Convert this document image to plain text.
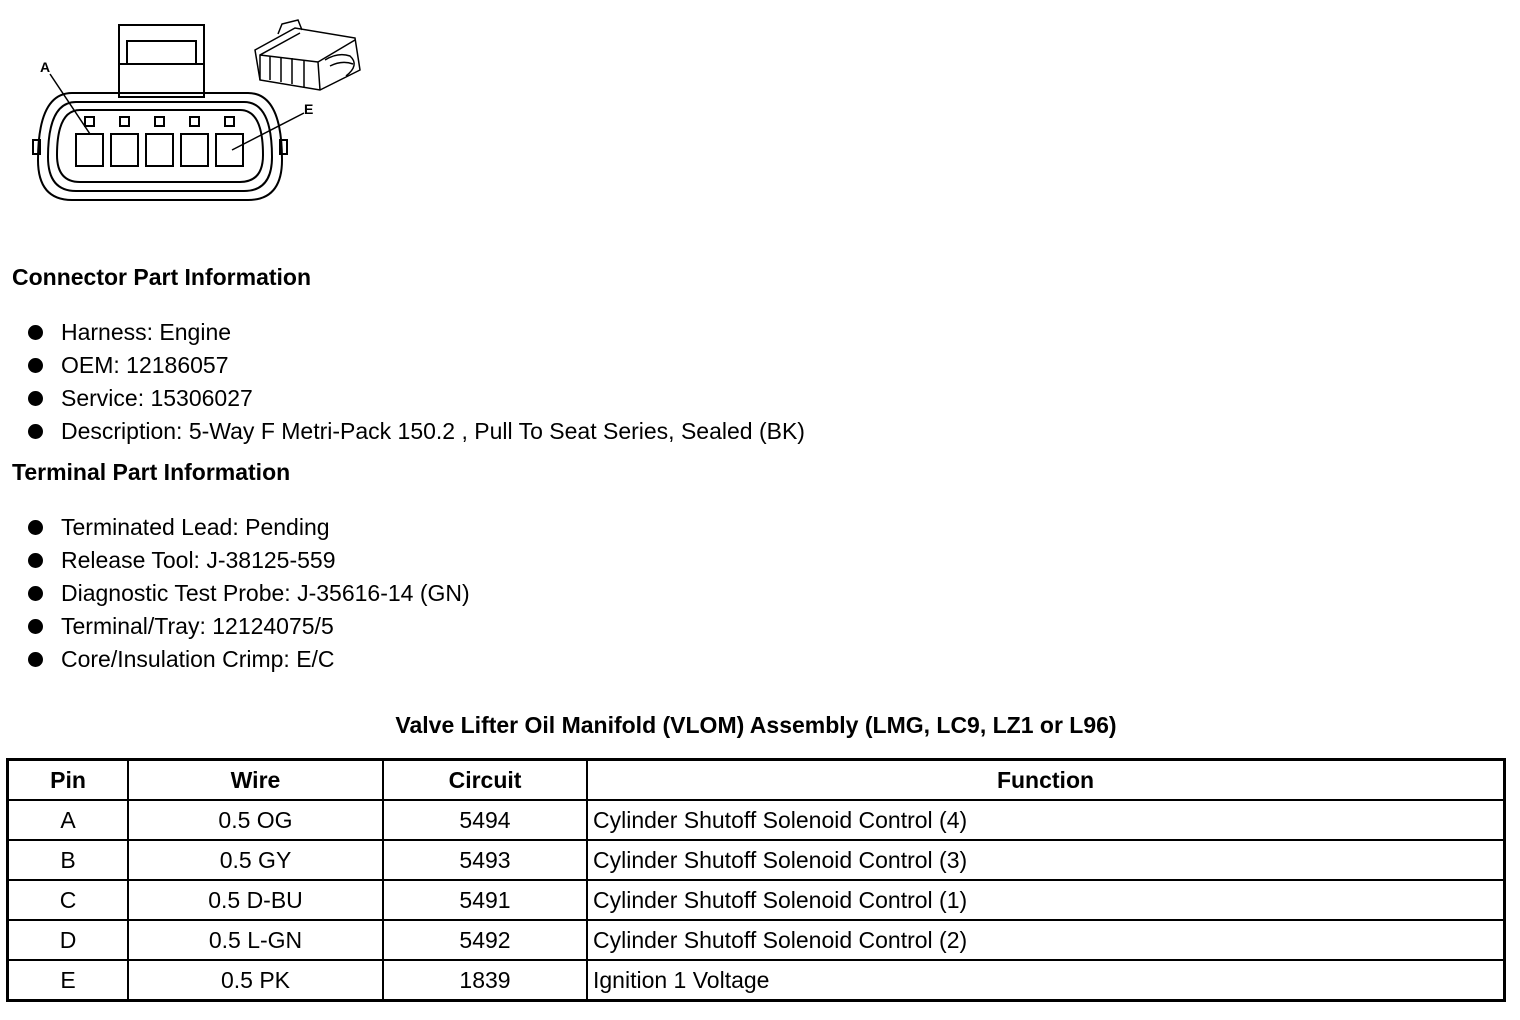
A
E
Connector Part Information
Harness: Engine
OEM: 12186057
Service: 15306027
Description: 5-Way F Metri-Pack 150.2 , Pull To Seat Series, Sealed (BK)
Terminal Part Information
Terminated Lead: Pending
Release Tool: J-38125-559
Diagnostic Test Probe: J-35616-14 (GN)
Terminal/Tray: 12124075/5
Core/Insulation Crimp: E/C
Valve Lifter Oil Manifold (VLOM) Assembly (LMG, LC9, LZ1 or L96)
Pin	Wire	Circuit	Function
A	0.5 OG	5494	Cylinder Shutoff Solenoid Control (4)
B	0.5 GY	5493	Cylinder Shutoff Solenoid Control (3)
C	0.5 D-BU	5491	Cylinder Shutoff Solenoid Control (1)
D	0.5 L-GN	5492	Cylinder Shutoff Solenoid Control (2)
E	0.5 PK	1839	Ignition 1 Voltage
